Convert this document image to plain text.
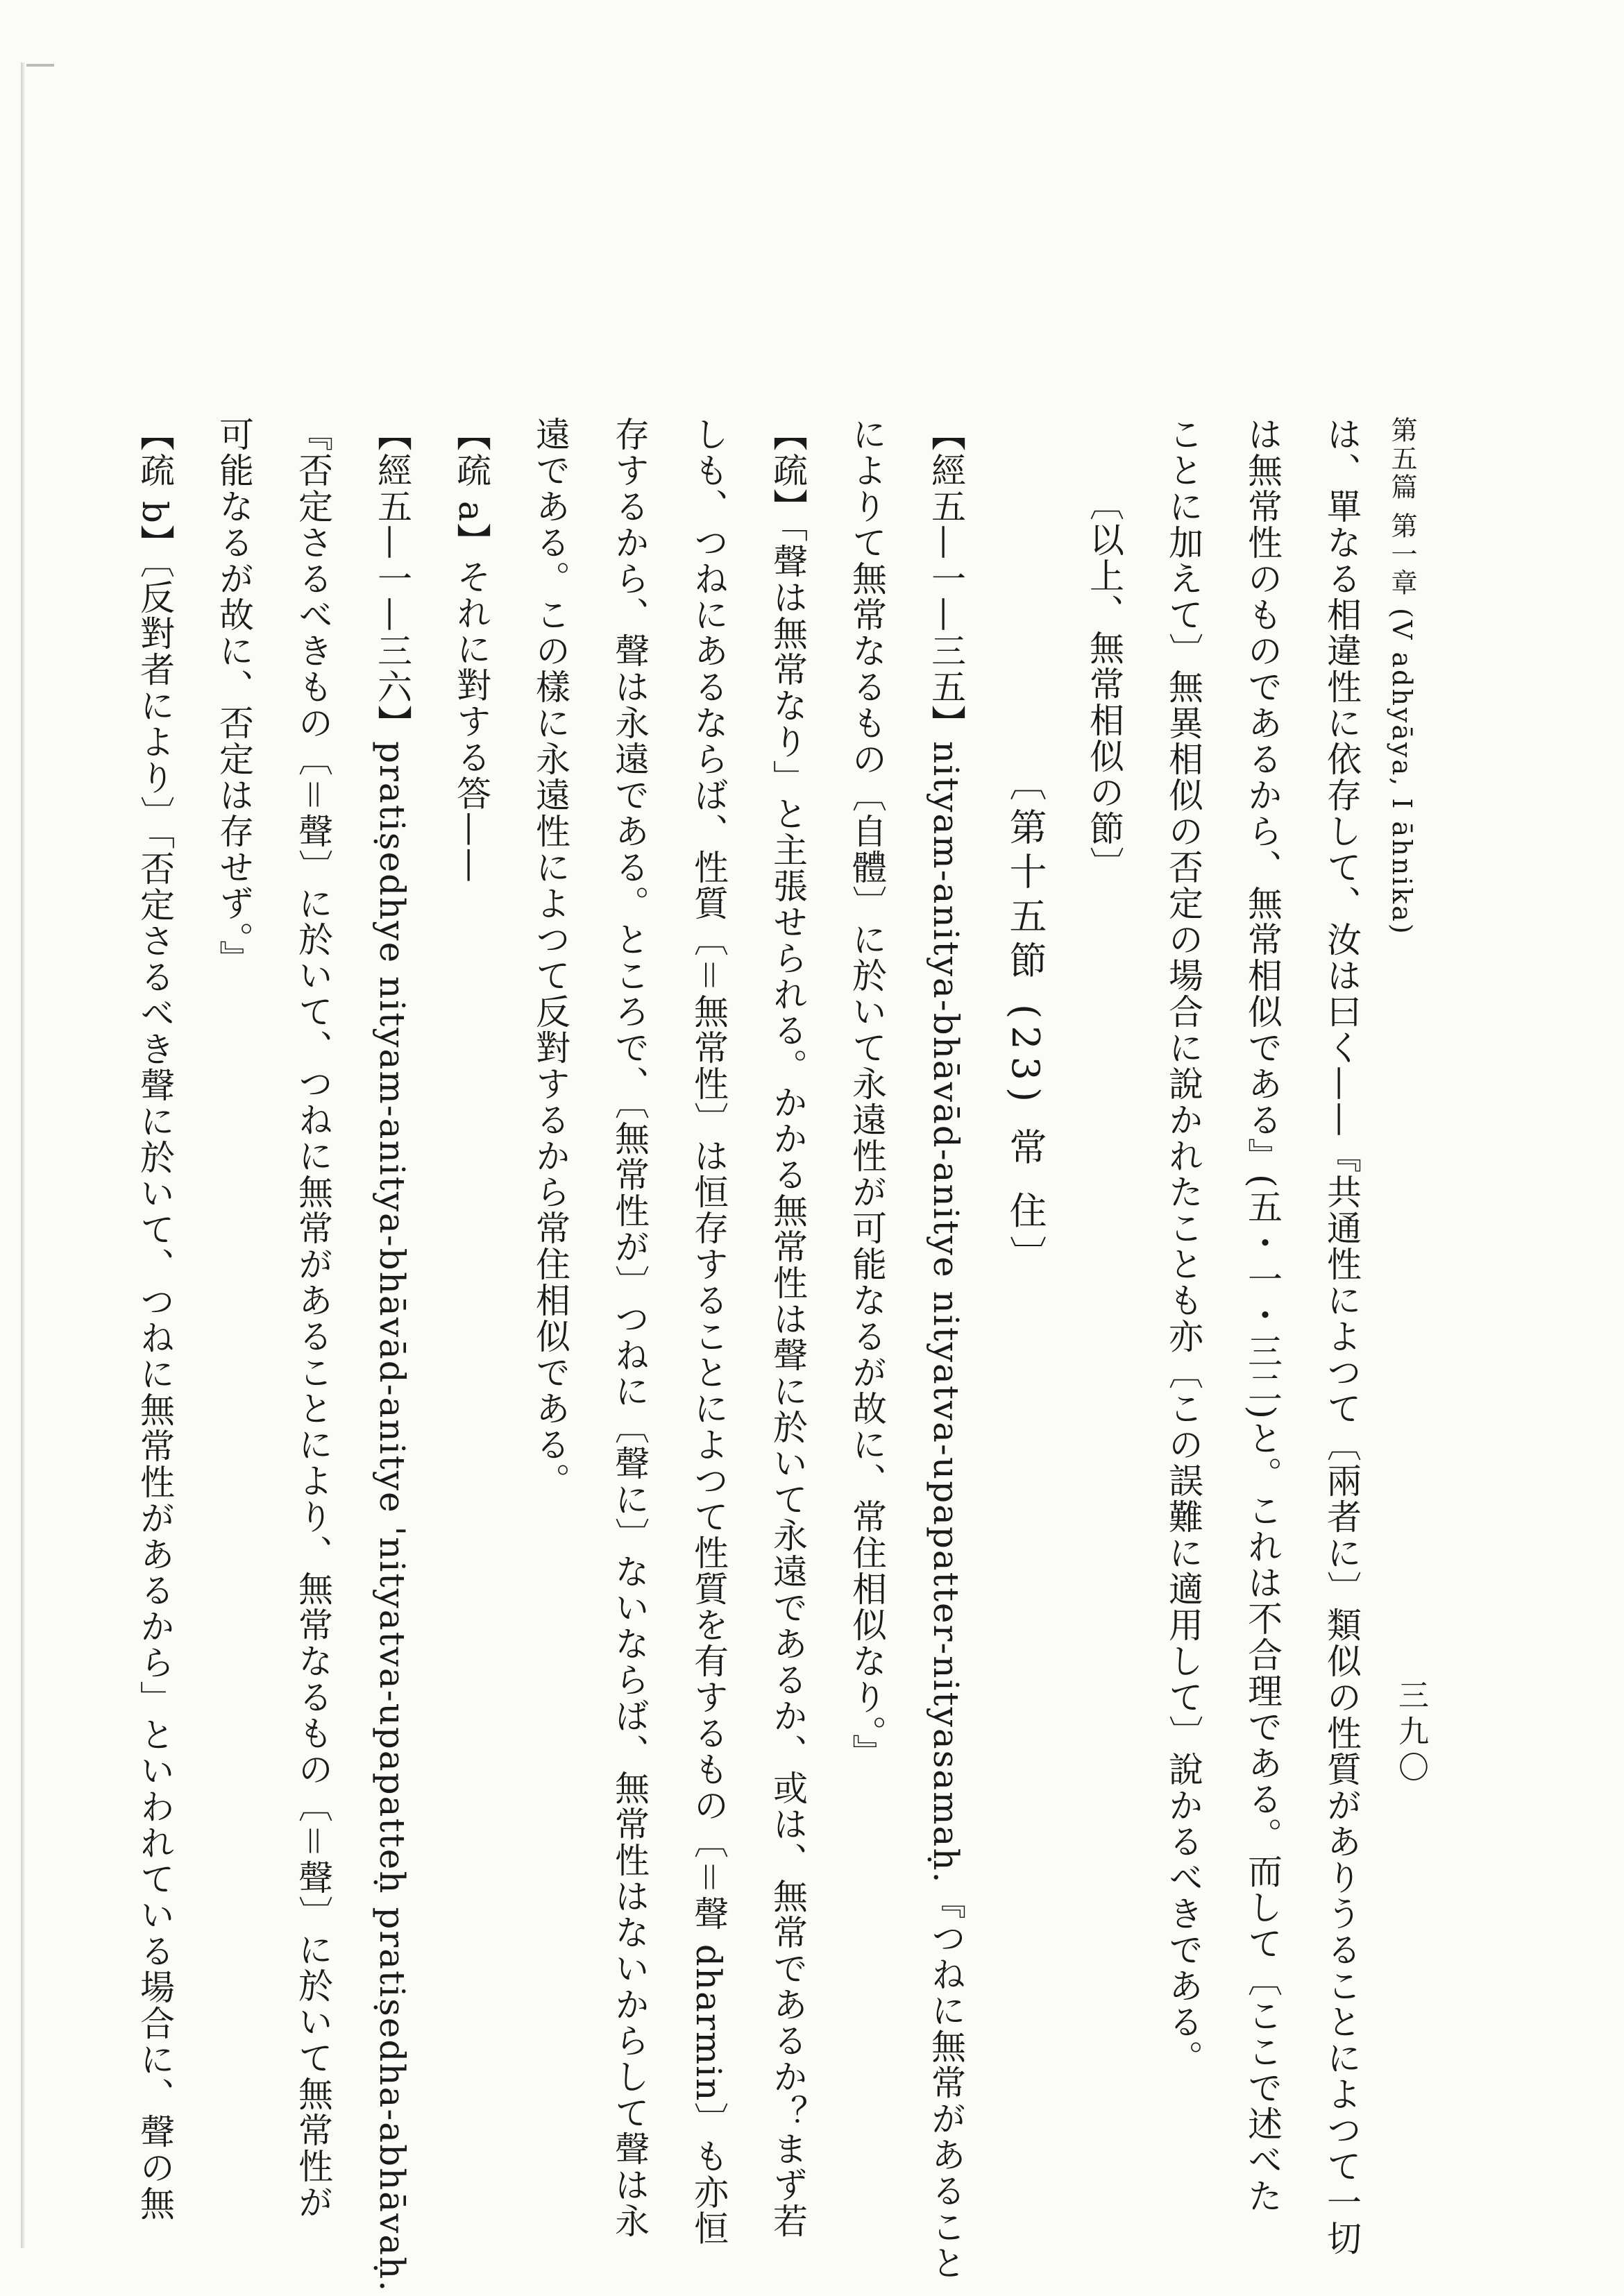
第五篇 第一章 (V adhyāya, I āhnika)
三九〇
は、單なる相違性に依存して、汝は曰く——『共通性によつて〔兩者に〕類似の性質がありうることによつて一切
は無常性のものであるから、無常相似である』(五・一・三二)と。これは不合理である。而して〔ここで述べた
ことに加えて〕無異相似の否定の場合に說かれたことも亦〔この誤難に適用して〕說かるべきである。
〔以上、無常相似の節〕
〔第十五節 (23) 常 住〕
【經五—一—三五】nityam-anitya-bhāvād-anitye nityatva-upapatter-nityasamaḥ.『つねに無常があること
によりて無常なるもの〔自體〕に於いて永遠性が可能なるが故に、常住相似なり。』
【疏】「聲は無常なり」と主張せられる。かかる無常性は聲に於いて永遠であるか、或は、無常であるか？まず若
しも、つねにあるならば、性質〔＝無常性〕は恒存することによつて性質を有するもの〔＝聲 dharmin〕も亦恒
存するから、聲は永遠である。ところで、〔無常性が〕つねに〔聲に〕ないならば、無常性はないからして聲は永
遠である。この樣に永遠性によつて反對するから常住相似である。
【疏 a】それに對する答——
【經五—一—三六】pratiṣedhye nityam-anitya-bhāvād-anitye 'nityatva-upapatteḥ pratiṣedha-abhāvaḥ.
『否定さるべきもの〔＝聲〕に於いて、つねに無常があることにより、無常なるもの〔＝聲〕に於いて無常性が
可能なるが故に、否定は存せず。』
【疏 b】〔反對者により〕「否定さるべき聲に於いて、つねに無常性があるから」といわれている場合に、聲の無
